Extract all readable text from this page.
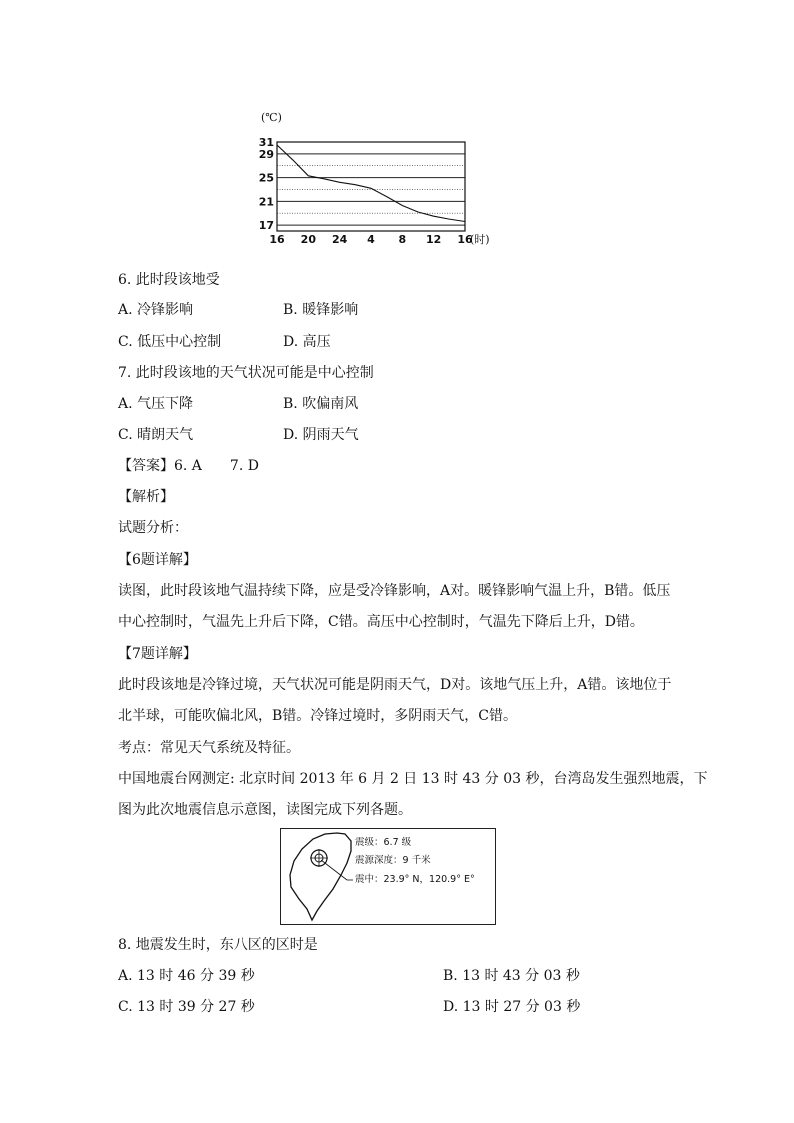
17
21
25
29
31
16 20 24 4 8 12 16
(℃)
(时)
6. 此时段该地受
A. 冷锋影响	B. 暖锋影响
C. 低压中心控制	D. 高压
7. 此时段该地的天气状况可能是中心控制
A. 气压下降	B. 吹偏南风
C. 晴朗天气	D. 阴雨天气
【答案】6. A　　7. D
【解析】
试题分析：
【6题详解】
读图，此时段该地气温持续下降，应是受冷锋影响，A对。暖锋影响气温上升，B错。低压
中心控制时，气温先上升后下降，C错。高压中心控制时，气温先下降后上升，D错。
【7题详解】
此时段该地是冷锋过境，天气状况可能是阴雨天气，D对。该地气压上升，A错。该地位于
北半球，可能吹偏北风，B错。冷锋过境时，多阴雨天气，C错。
考点：常见天气系统及特征。
中国地震台网测定: 北京时间 2013 年 6 月 2 日 13 时 43 分 03 秒，台湾岛发生强烈地震，下
图为此次地震信息示意图，读图完成下列各题。
震级：6.7 级
震源深度：9 千米
震中：23.9° N，120.9° E°
8. 地震发生时，东八区的区时是
A. 13 时 46 分 39 秒	B. 13 时 43 分 03 秒
C. 13 时 39 分 27 秒	D. 13 时 27 分 03 秒
